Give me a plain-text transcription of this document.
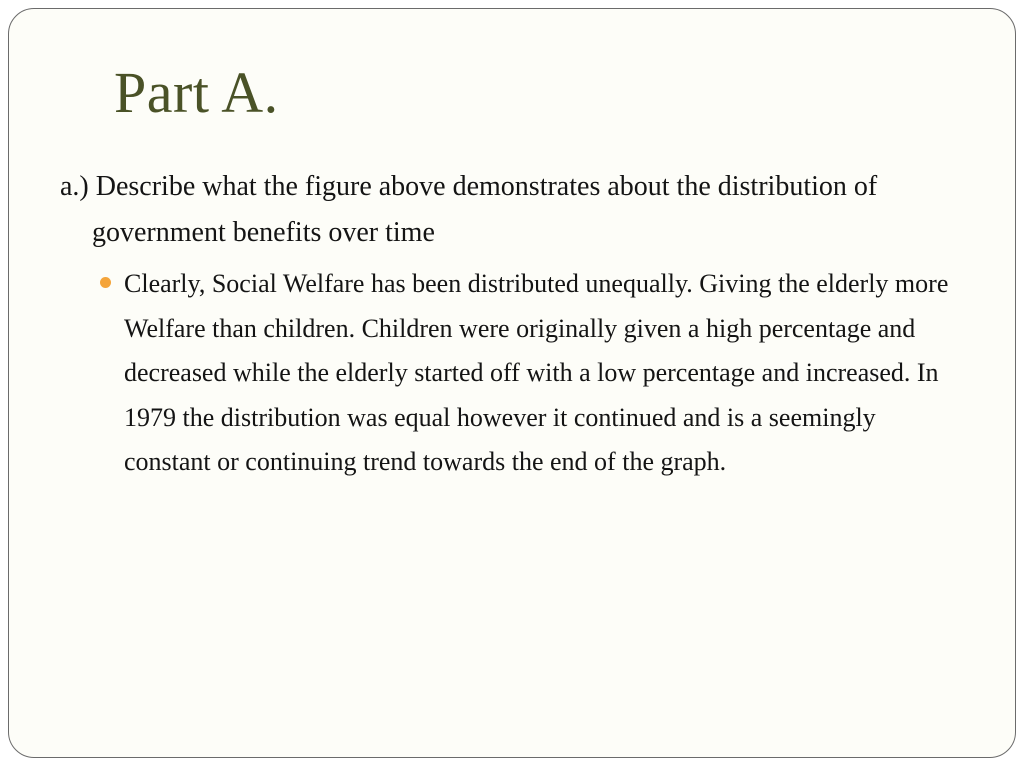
Part A.

a.) Describe what the figure above demonstrates about the distribution of government benefits over time

Clearly, Social Welfare has been distributed unequally. Giving the elderly more Welfare than children. Children were originally given a high percentage and decreased while the elderly started off with a low percentage and increased. In 1979 the distribution was equal however it continued and is a seemingly constant or continuing trend towards the end of the graph.
